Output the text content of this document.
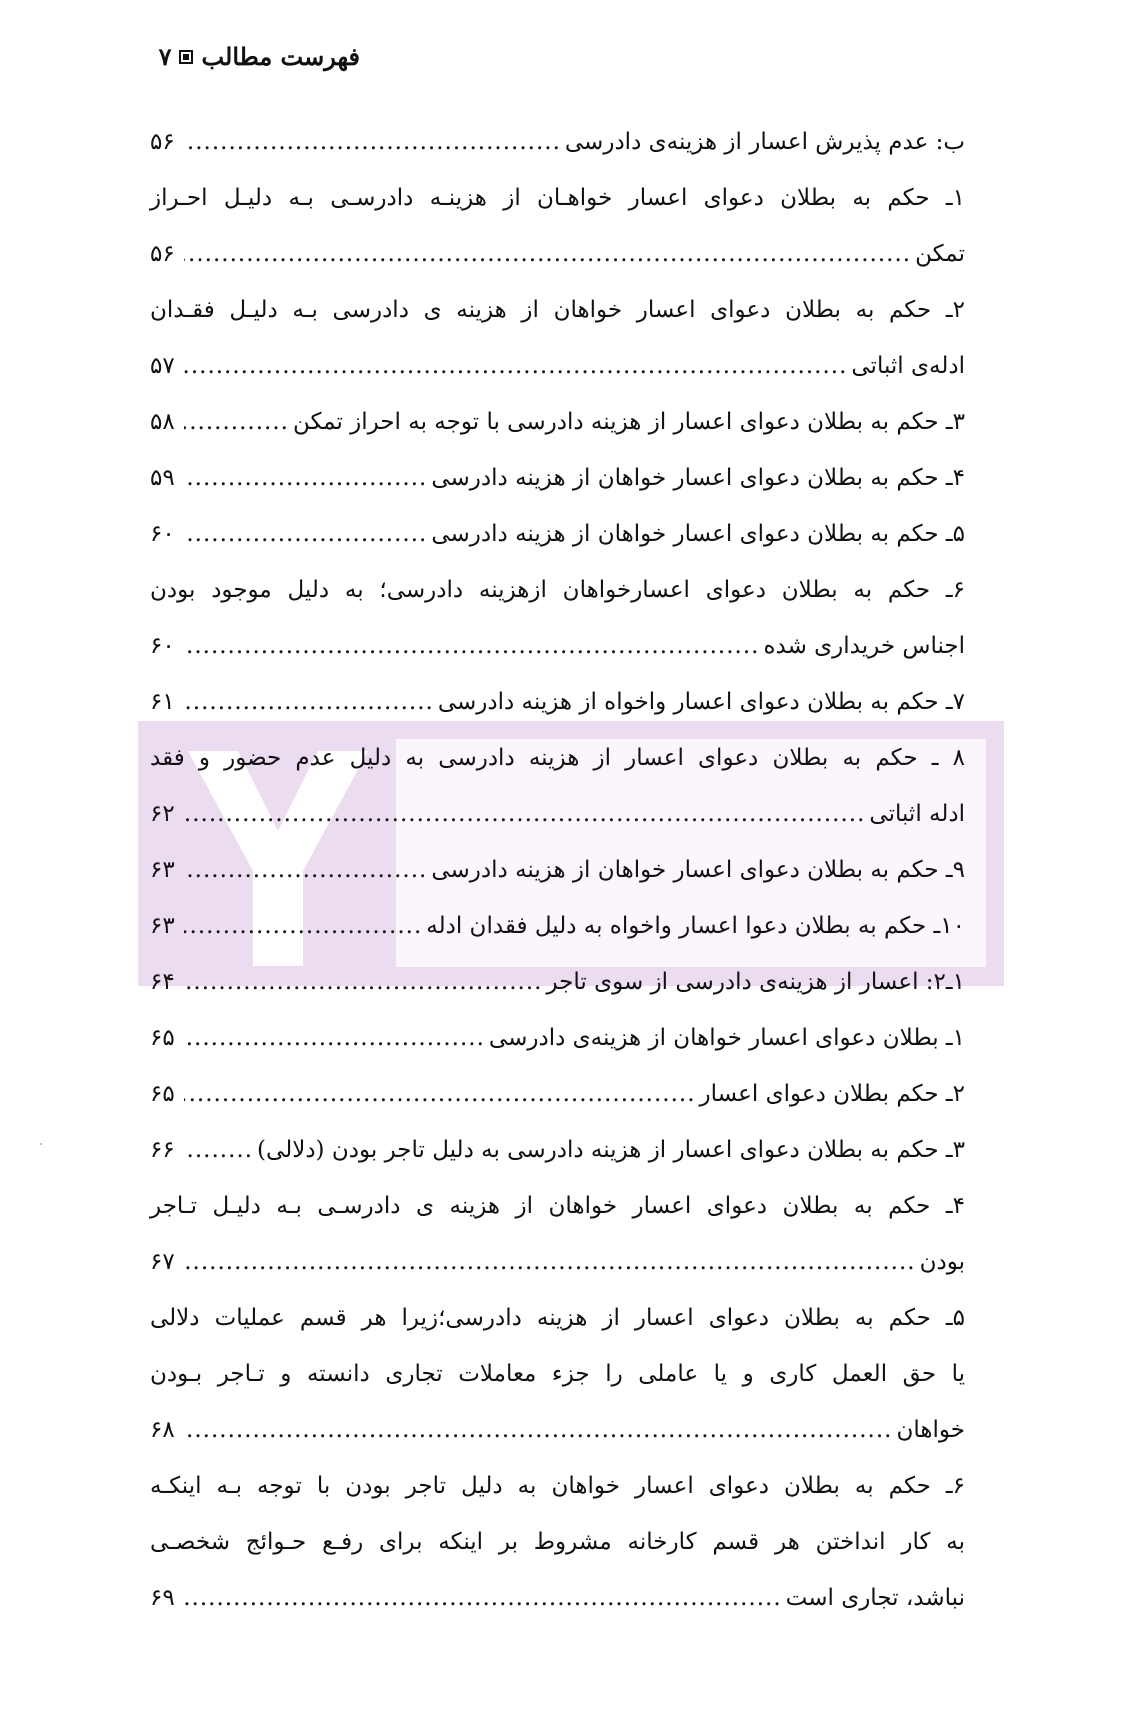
فهرست مطالب
۷
ب: عدم پذیرش اعسار از هزینه‌ی دادرسی
.....
۵۶
۱ـ حکم به بطلان دعوای اعسار خواهـان از هزینـه دادرسـی بـه دلیـل احـراز
تمکن
.....
۵۶
۲ـ حکم به بطلان دعوای اعسار خواهان از هزینه ی دادرسی بـه دلیـل فقـدان
ادله‌ی اثباتی
.....
۵۷
۳ـ حکم به بطلان دعوای اعسار از هزینه دادرسی با توجه به احراز تمکن
.....
۵۸
۴ـ حکم به بطلان دعوای اعسار خواهان از هزینه دادرسی
.....
۵۹
۵ـ حکم به بطلان دعوای اعسار خواهان از هزینه دادرسی
.....
۶۰
۶ـ حکم به بطلان دعوای اعسارخواهان ازهزینه دادرسی؛ به دلیل موجود بودن
اجناس خریداری شده
.....
۶۰
۷ـ حکم به بطلان دعوای اعسار واخواه از هزینه دادرسی
.....
۶۱
۸ ـ حکم به بطلان دعوای اعسار از هزینه دادرسی به دلیل عدم حضور و فقد
ادله اثباتی
.....
۶۲
۹ـ حکم به بطلان دعوای اعسار خواهان از هزینه دادرسی
.....
۶۳
۱۰ـ حکم به بطلان دعوا اعسار واخواه به دلیل فقدان ادله
.....
۶۳
۱ـ۲: اعسار از هزینه‌ی دادرسی از سوی تاجر
.....
۶۴
۱ـ بطلان دعوای اعسار خواهان از هزینه‌ی دادرسی
.....
۶۵
۲ـ حکم بطلان دعوای اعسار
.....
۶۵
۳ـ حکم به بطلان دعوای اعسار از هزینه دادرسی به دلیل تاجر بودن (دلالی)
.....
۶۶
۴ـ حکم به بطلان دعوای اعسار خواهان از هزینه ی دادرسـی بـه دلیـل تـاجر
بودن
.....
۶۷
۵ـ حکم به بطلان دعوای اعسار از هزینه دادرسی؛زیرا هر قسم عملیات دلالی
یا حق العمل کاری و یا عاملی را جزء معاملات تجاری دانسته و تـاجر بـودن
خواهان
.....
۶۸
۶ـ حکم به بطلان دعوای اعسار خواهان به دلیل تاجر بودن با توجه بـه اینکـه
به کار انداختن هر قسم کارخانه مشروط بر اینکه برای رفـع حـوائج شخصـی
نباشد، تجاری است
.....
۶۹
